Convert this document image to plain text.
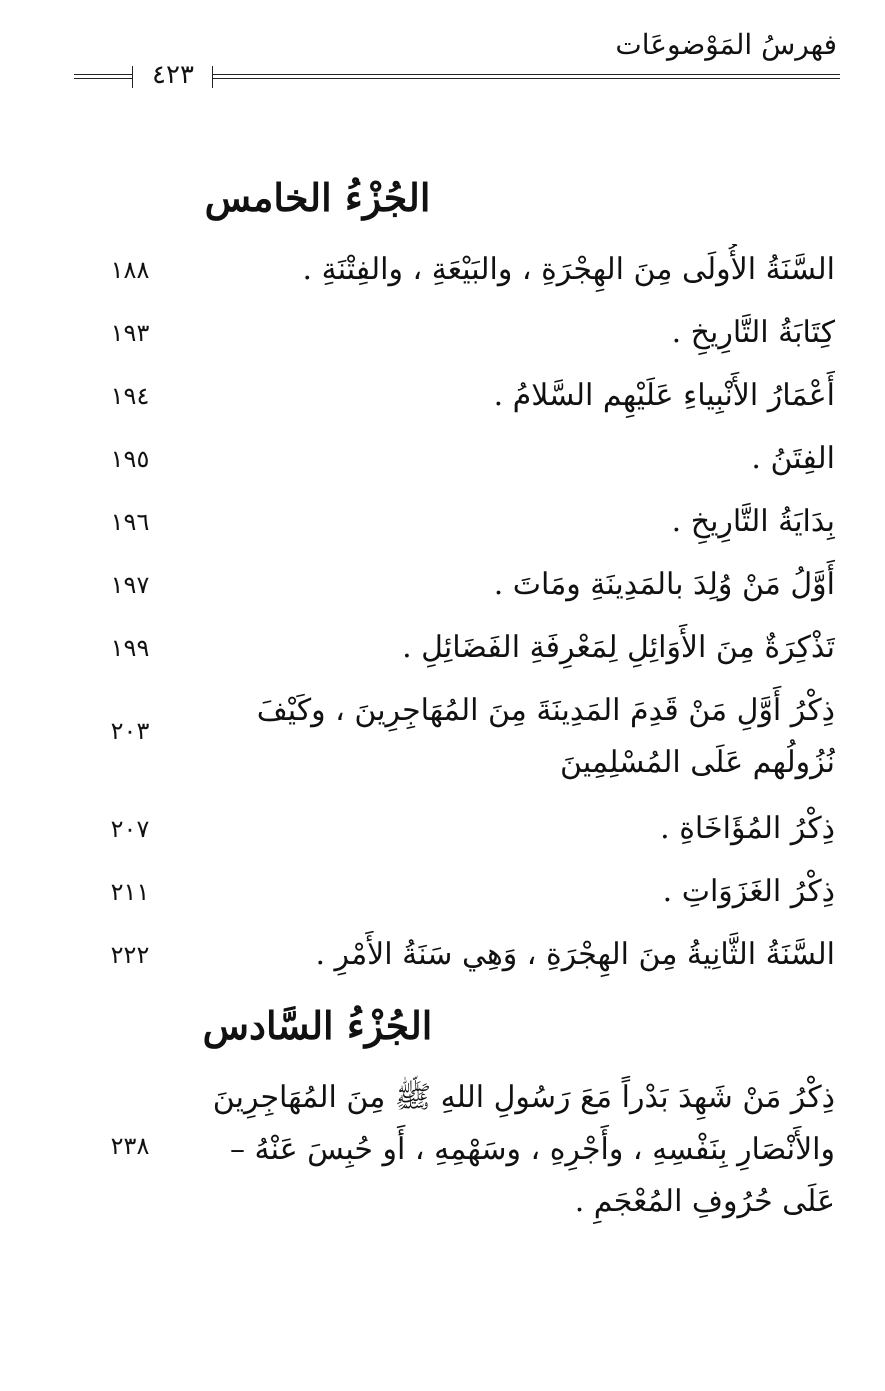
فهرسُ المَوْضوعَات
٤٢٣
الجُزْءُ الخامس
السَّنَةُ الأُولَى مِنَ الهِجْرَةِ ، والبَيْعَةِ ، والفِتْنَةِ .
١٨٨
كِتَابَةُ التَّارِيخِ .
١٩٣
أَعْمَارُ الأَنْبِياءِ عَلَيْهِم السَّلامُ .
١٩٤
الفِتَنُ .
١٩٥
بِدَايَةُ التَّارِيخِ .
١٩٦
أَوَّلُ مَنْ وُلِدَ بالمَدِينَةِ ومَاتَ .
١٩٧
تَذْكِرَةٌ مِنَ الأَوَائِلِ لِمَعْرِفَةِ الفَضَائِلِ .
١٩٩
ذِكْرُ أَوَّلِ مَنْ قَدِمَ المَدِينَةَ مِنَ المُهَاجِرِينَ ، وكَيْفَ نُزُولُهم عَلَى المُسْلِمِينَ
٢٠٣
ذِكْرُ المُؤَاخَاةِ .
٢٠٧
ذِكْرُ الغَزَوَاتِ .
٢١١
السَّنَةُ الثَّانِيةُ مِنَ الهِجْرَةِ ، وَهِي سَنَةُ الأَمْرِ .
٢٢٢
الجُزْءُ السَّادس
ذِكْرُ مَنْ شَهِدَ بَدْراً مَعَ رَسُولِ اللهِ ﷺ مِنَ المُهَاجِرِينَ والأَنْصَارِ بِنَفْسِهِ ، وأَجْرِهِ ، وسَهْمِهِ ، أَو حُبِسَ عَنْهُ – عَلَى حُرُوفِ المُعْجَمِ .
٢٣٨
